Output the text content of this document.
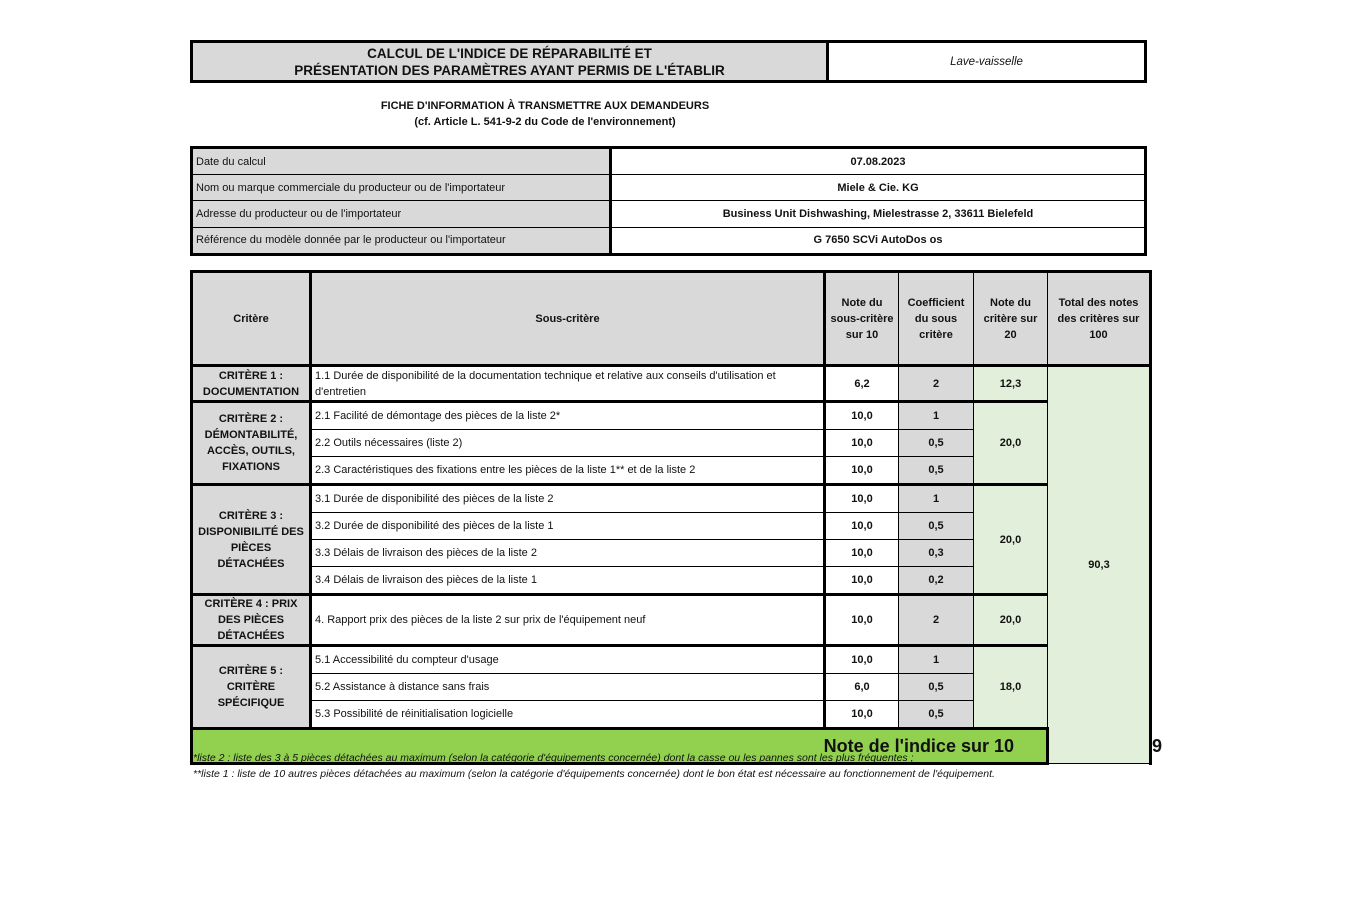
CALCUL DE L'INDICE DE RÉPARABILITÉ ET
PRÉSENTATION DES PARAMÈTRES AYANT PERMIS DE L'ÉTABLIR
Lave-vaisselle
FICHE D'INFORMATION À TRANSMETTRE AUX DEMANDEURS
(cf. Article L. 541-9-2 du Code de l'environnement)
Date du calcul	07.08.2023
Nom ou marque commerciale du producteur ou de l'importateur	Miele & Cie. KG
Adresse du producteur ou de l'importateur	Business Unit Dishwashing, Mielestrasse 2, 33611 Bielefeld
Référence du modèle donnée par le producteur ou l'importateur	G 7650 SCVi AutoDos os
Critère	Sous-critère	Note du sous-critère sur 10	Coefficient du sous critère	Note du critère sur 20	Total des notes des critères sur 100	
CRITÈRE 1 : DOCUMENTATION	1.1 Durée de disponibilité de la documentation technique et relative aux conseils d'utilisation et d'entretien	6,2	2	12,3	90,3	
CRITÈRE 2 : DÉMONTABILITÉ, ACCÈS, OUTILS, FIXATIONS	2.1 Facilité de démontage des pièces de la liste 2*	10,0	1	20,0		
	2.2 Outils nécessaires (liste 2)	10,0	0,5			
	2.3 Caractéristiques des fixations entre les pièces de la liste 1** et de la liste 2	10,0	0,5			
CRITÈRE 3 : DISPONIBILITÉ DES PIÈCES DÉTACHÉES	3.1 Durée de disponibilité des pièces de la liste 2	10,0	1	20,0		
	3.2 Durée de disponibilité des pièces de la liste 1	10,0	0,5			
	3.3 Délais de livraison des pièces de la liste 2	10,0	0,3			
	3.4 Délais de livraison des pièces de la liste 1	10,0	0,2			
CRITÈRE 4 : PRIX DES PIÈCES DÉTACHÉES	4. Rapport prix des pièces de la liste 2 sur prix de l'équipement neuf	10,0	2	20,0		
CRITÈRE 5 : CRITÈRE SPÉCIFIQUE	5.1 Accessibilité du compteur d'usage	10,0	1	18,0		
	5.2 Assistance à distance sans frais	6,0	0,5			
	5.3 Possibilité de réinitialisation logicielle	10,0	0,5			
Note de l'indice sur 10						9
*liste 2 : liste des 3 à 5 pièces détachées au maximum (selon la catégorie d'équipements concernée) dont la casse ou les pannes sont les plus fréquentes ;
**liste 1 : liste de 10 autres pièces détachées au maximum (selon la catégorie d'équipements concernée) dont le bon état est nécessaire au fonctionnement de l'équipement.
